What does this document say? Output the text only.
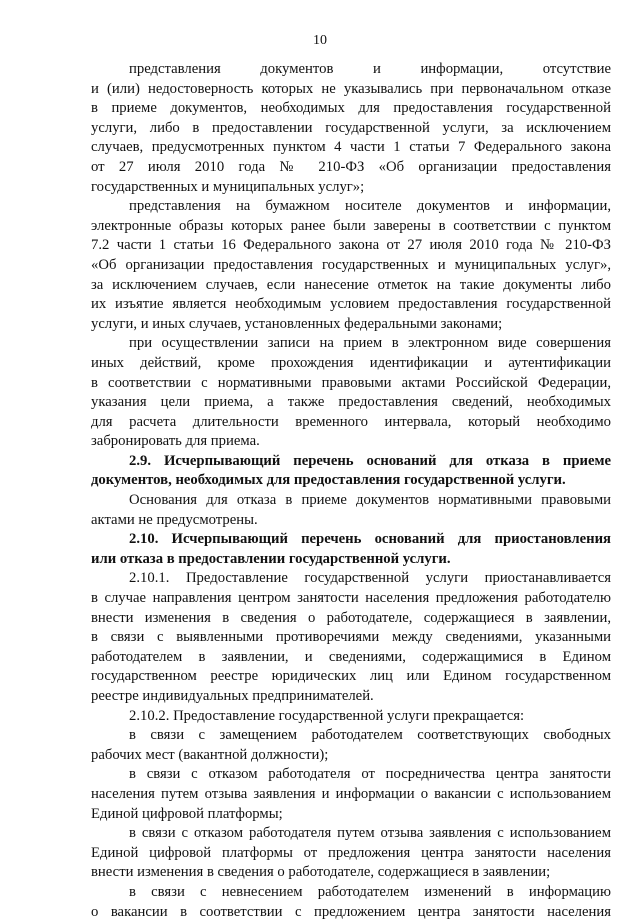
10
представления документов и информации, отсутствие
и (или) недостоверность которых не указывались при первоначальном отказе
в приеме документов, необходимых для предоставления государственной
услуги, либо в предоставлении государственной услуги, за исключением
случаев, предусмотренных пунктом 4 части 1 статьи 7 Федерального закона
от 27 июля 2010 года № 210-ФЗ «Об организации предоставления
государственных и муниципальных услуг»;
представления на бумажном носителе документов и информации,
электронные образы которых ранее были заверены в соответствии с пунктом
7.2 части 1 статьи 16 Федерального закона от 27 июля 2010 года № 210-ФЗ
«Об организации предоставления государственных и муниципальных услуг»,
за исключением случаев, если нанесение отметок на такие документы либо
их изъятие является необходимым условием предоставления государственной
услуги, и иных случаев, установленных федеральными законами;
при осуществлении записи на прием в электронном виде совершения
иных действий, кроме прохождения идентификации и аутентификации
в соответствии с нормативными правовыми актами Российской Федерации,
указания цели приема, а также предоставления сведений, необходимых
для расчета длительности временного интервала, который необходимо
забронировать для приема.
2.9. Исчерпывающий перечень оснований для отказа в приеме
документов, необходимых для предоставления государственной услуги.
Основания для отказа в приеме документов нормативными правовыми
актами не предусмотрены.
2.10. Исчерпывающий перечень оснований для приостановления
или отказа в предоставлении государственной услуги.
2.10.1. Предоставление государственной услуги приостанавливается
в случае направления центром занятости населения предложения работодателю
внести изменения в сведения о работодателе, содержащиеся в заявлении,
в связи с выявленными противоречиями между сведениями, указанными
работодателем в заявлении, и сведениями, содержащимися в Едином
государственном реестре юридических лиц или Едином государственном
реестре индивидуальных предпринимателей.
2.10.2. Предоставление государственной услуги прекращается:
в связи с замещением работодателем соответствующих свободных
рабочих мест (вакантной должности);
в связи с отказом работодателя от посредничества центра занятости
населения путем отзыва заявления и информации о вакансии с использованием
Единой цифровой платформы;
в связи с отказом работодателя путем отзыва заявления с использованием
Единой цифровой платформы от предложения центра занятости населения
внести изменения в сведения о работодателе, содержащиеся в заявлении;
в связи с невнесением работодателем изменений в информацию
о вакансии в соответствии с предложением центра занятости населения
